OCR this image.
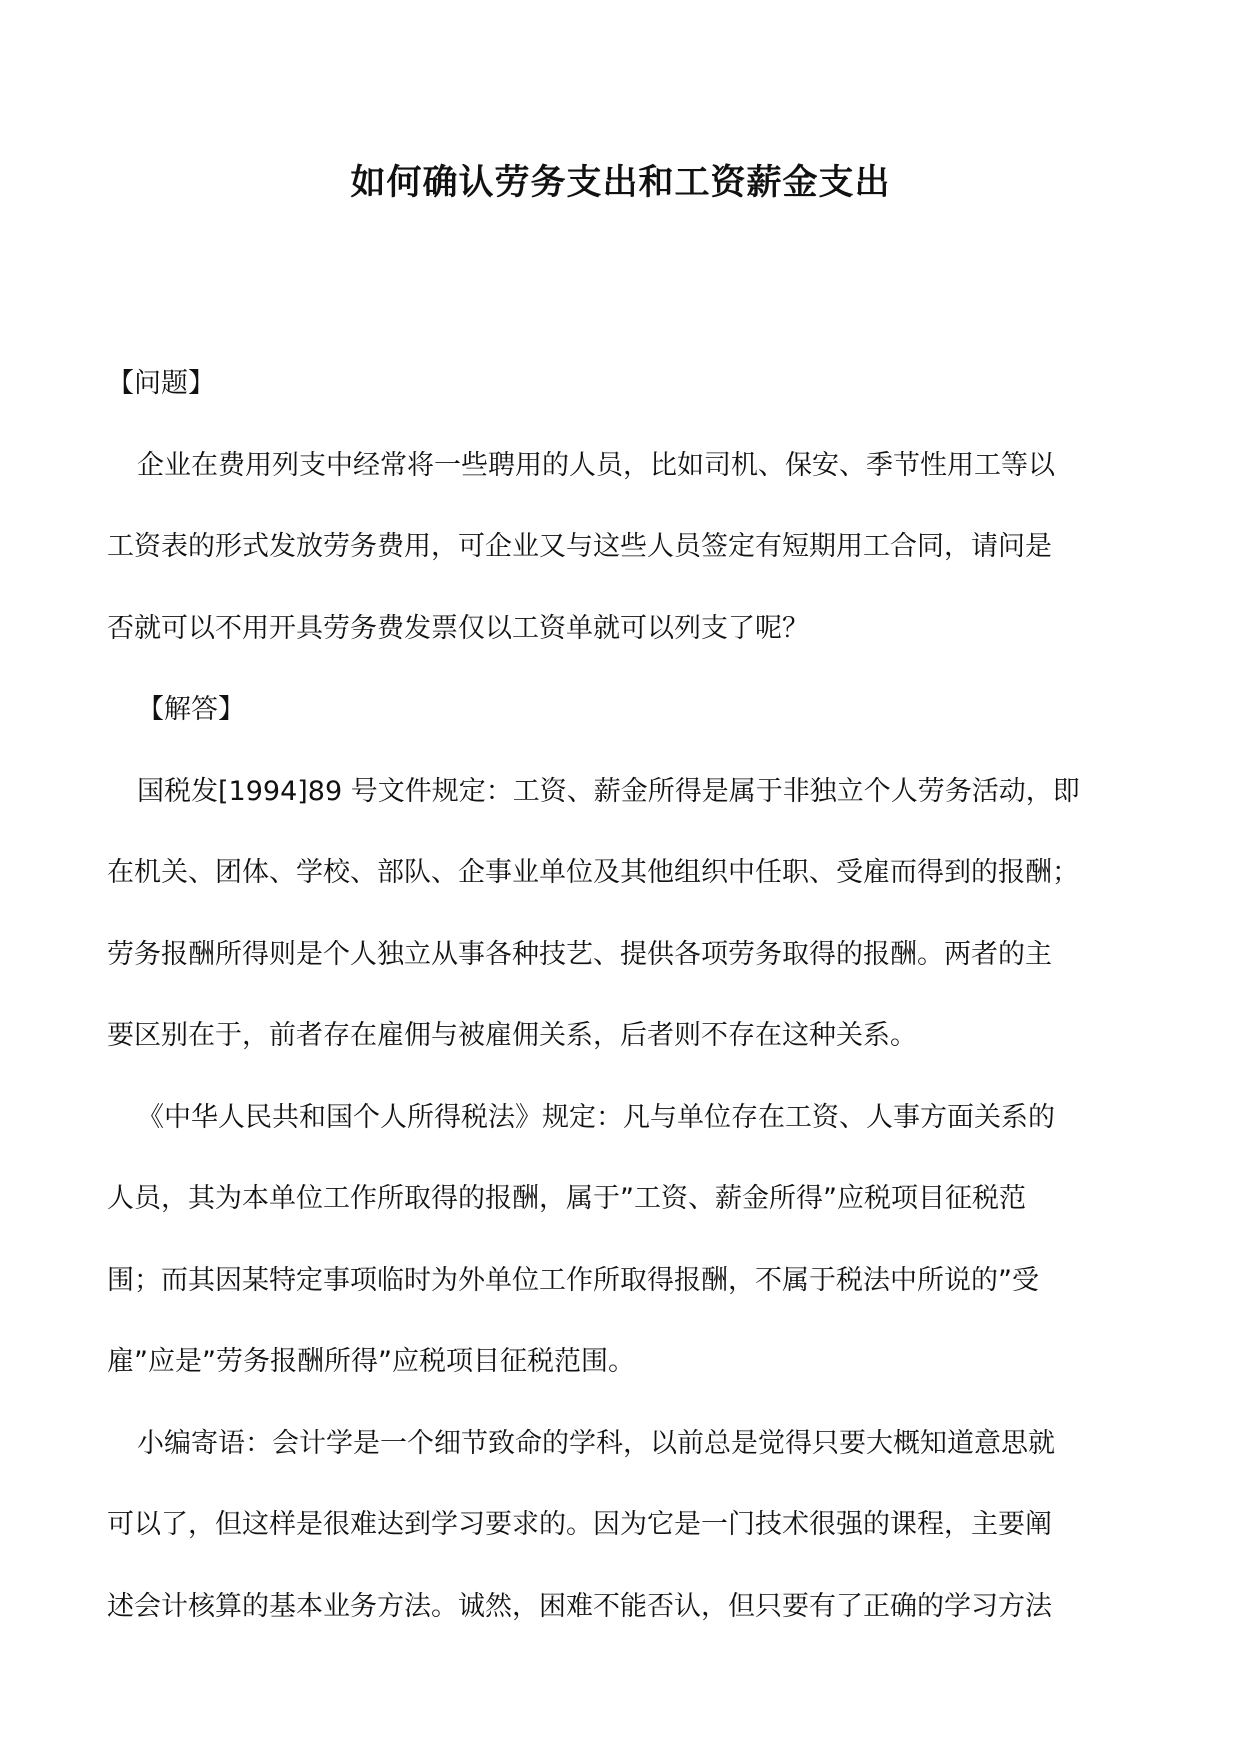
如何确认劳务支出和工资薪金支出

【问题】

企业在费用列支中经常将一些聘用的人员，比如司机、保安、季节性用工等以

工资表的形式发放劳务费用，可企业又与这些人员签定有短期用工合同，请问是

否就可以不用开具劳务费发票仅以工资单就可以列支了呢？

【解答】

国税发[1994]89 号文件规定：工资、薪金所得是属于非独立个人劳务活动，即

在机关、团体、学校、部队、企事业单位及其他组织中任职、受雇而得到的报酬；

劳务报酬所得则是个人独立从事各种技艺、提供各项劳务取得的报酬。两者的主

要区别在于，前者存在雇佣与被雇佣关系，后者则不存在这种关系。

《中华人民共和国个人所得税法》规定：凡与单位存在工资、人事方面关系的

人员，其为本单位工作所取得的报酬，属于”工资、薪金所得”应税项目征税范

围；而其因某特定事项临时为外单位工作所取得报酬，不属于税法中所说的”受

雇”应是”劳务报酬所得”应税项目征税范围。

小编寄语：会计学是一个细节致命的学科，以前总是觉得只要大概知道意思就

可以了，但这样是很难达到学习要求的。因为它是一门技术很强的课程，主要阐

述会计核算的基本业务方法。诚然，困难不能否认，但只要有了正确的学习方法
